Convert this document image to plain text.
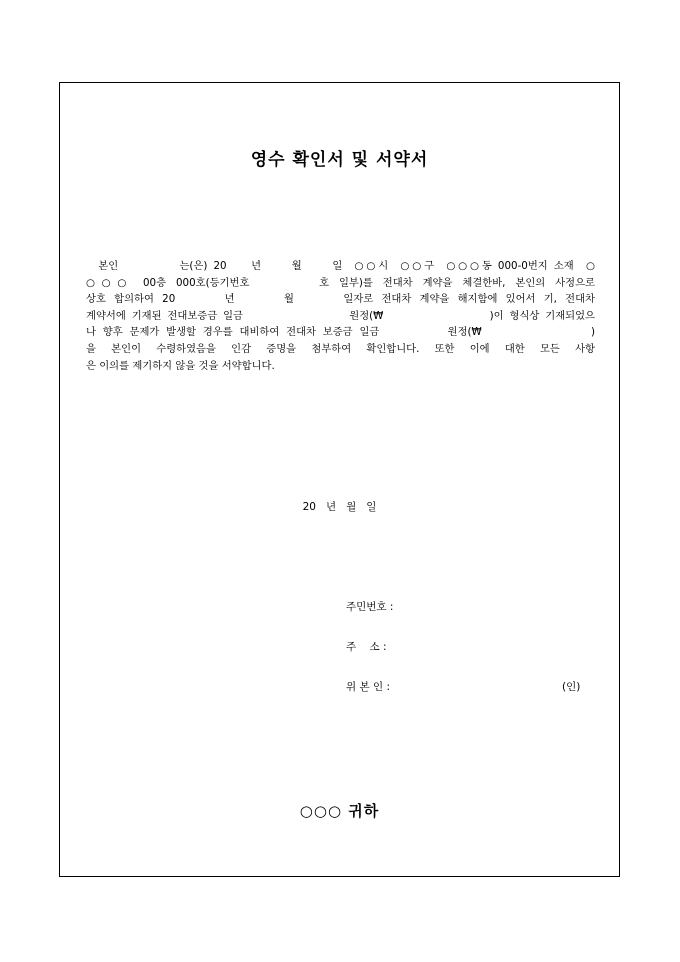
영수 확인서 및 서약서
본인          는(은) 20    년     월     일  ○○시  ○○구  ○○○동 000-0번지 소재  ○
○○○ 00층 000호(등기번호       호 일부)를 전대차 계약을 체결한바, 본인의 사정으로
상호 합의하여 20      년      월      일자로 전대차 계약을 해지함에 있어서 기, 전대차
계약서에 기재된 전대보증금 일금                  원정(₩                  )이 형식상 기재되었으
나 향후 문제가 발생할 경우를 대비하여 전대차 보증금 일금          원정(₩                )
을 본인이 수령하였음을 인감 증명을 첨부하여 확인합니다. 또한 이에 대한 모든 사항
은 이의를 제기하지 않을 것을 서약합니다.
20   년   월   일
주민번호 :
주    소 :
위 본 인 :	(인)
○○○ 귀하
